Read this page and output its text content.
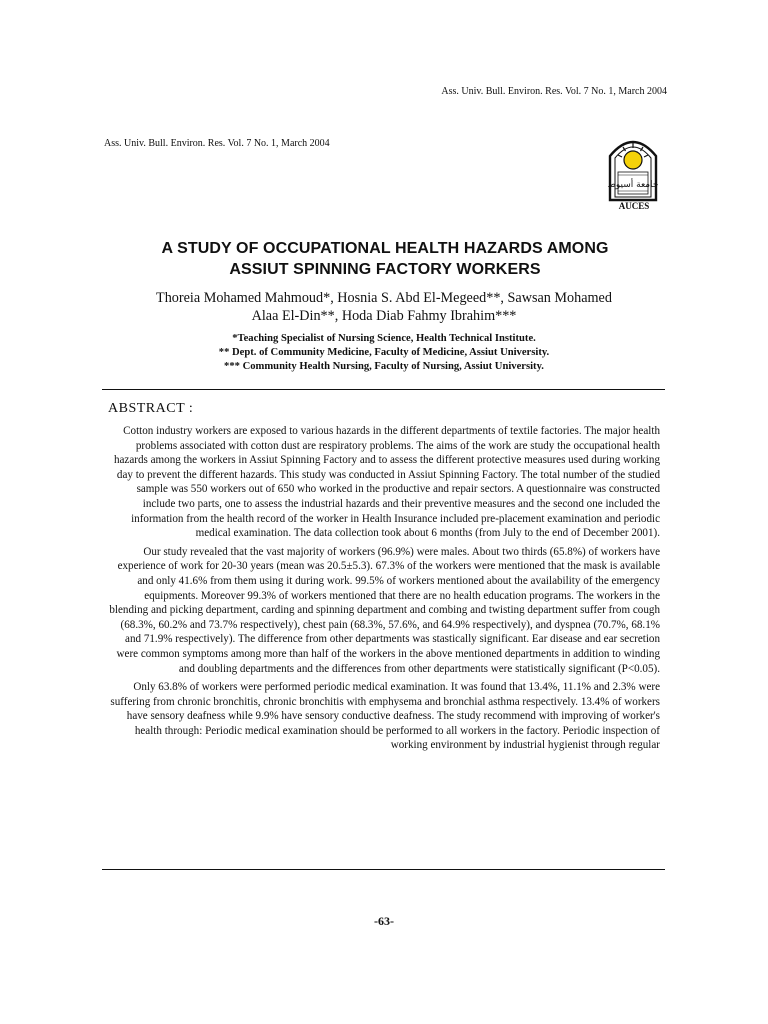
Ass. Univ. Bull. Environ. Res. Vol. 7 No. 1, March 2004
Ass. Univ. Bull. Environ. Res. Vol. 7 No. 1, March 2004
جامعة أسيوط
AUCES
A STUDY OF OCCUPATIONAL HEALTH HAZARDS AMONG
ASSIUT SPINNING FACTORY WORKERS
Thoreia Mohamed Mahmoud*, Hosnia S. Abd El-Megeed**, Sawsan Mohamed
Alaa El-Din**, Hoda Diab Fahmy Ibrahim***
*Teaching Specialist of Nursing Science, Health Technical Institute.
** Dept. of Community Medicine, Faculty of Medicine, Assiut University.
*** Community Health Nursing, Faculty of Nursing, Assiut University.
ABSTRACT :

Cotton industry workers are exposed to various hazards in the different departments of textile factories. The major health problems associated with cotton dust are respiratory problems. The aims of the work are study the occupational health hazards among the workers in Assiut Spinning Factory and to assess the different protective measures used during working day to prevent the different hazards. This study was conducted in Assiut Spinning Factory. The total number of the studied sample was 550 workers out of 650 who worked in the productive and repair sectors. A questionnaire was constructed include two parts, one to assess the industrial hazards and their preventive measures and the second one included the information from the health record of the worker in Health Insurance included pre-placement examination and periodic medical examination. The data collection took about 6 months (from July to the end of December 2001).

Our study revealed that the vast majority of workers (96.9%) were males. About two thirds (65.8%) of workers have experience of work for 20-30 years (mean was 20.5±5.3). 67.3% of the workers were mentioned that the mask is available and only 41.6% from them using it during work. 99.5% of workers mentioned about the availability of the emergency equipments. Moreover 99.3% of workers mentioned that there are no health education programs. The workers in the blending and picking department, carding and spinning department and combing and twisting department suffer from cough (68.3%, 60.2% and 73.7% respectively), chest pain (68.3%, 57.6%, and 64.9% respectively), and dyspnea (70.7%, 68.1% and 71.9% respectively). The difference from other departments was stastically significant. Ear disease and ear secretion were common symptoms among more than half of the workers in the above mentioned departments in addition to winding and doubling departments and the differences from other departments were statistically significant (P<0.05).

Only 63.8% of workers were performed periodic medical examination. It was found that 13.4%, 11.1% and 2.3% were suffering from chronic bronchitis, chronic bronchitis with emphysema and bronchial asthma respectively. 13.4% of workers have sensory deafness while 9.9% have sensory conductive deafness. The study recommend with improving of worker's health through: Periodic medical examination should be performed to all workers in the factory. Periodic inspection of working environment by industrial hygienist through regular

-63-
